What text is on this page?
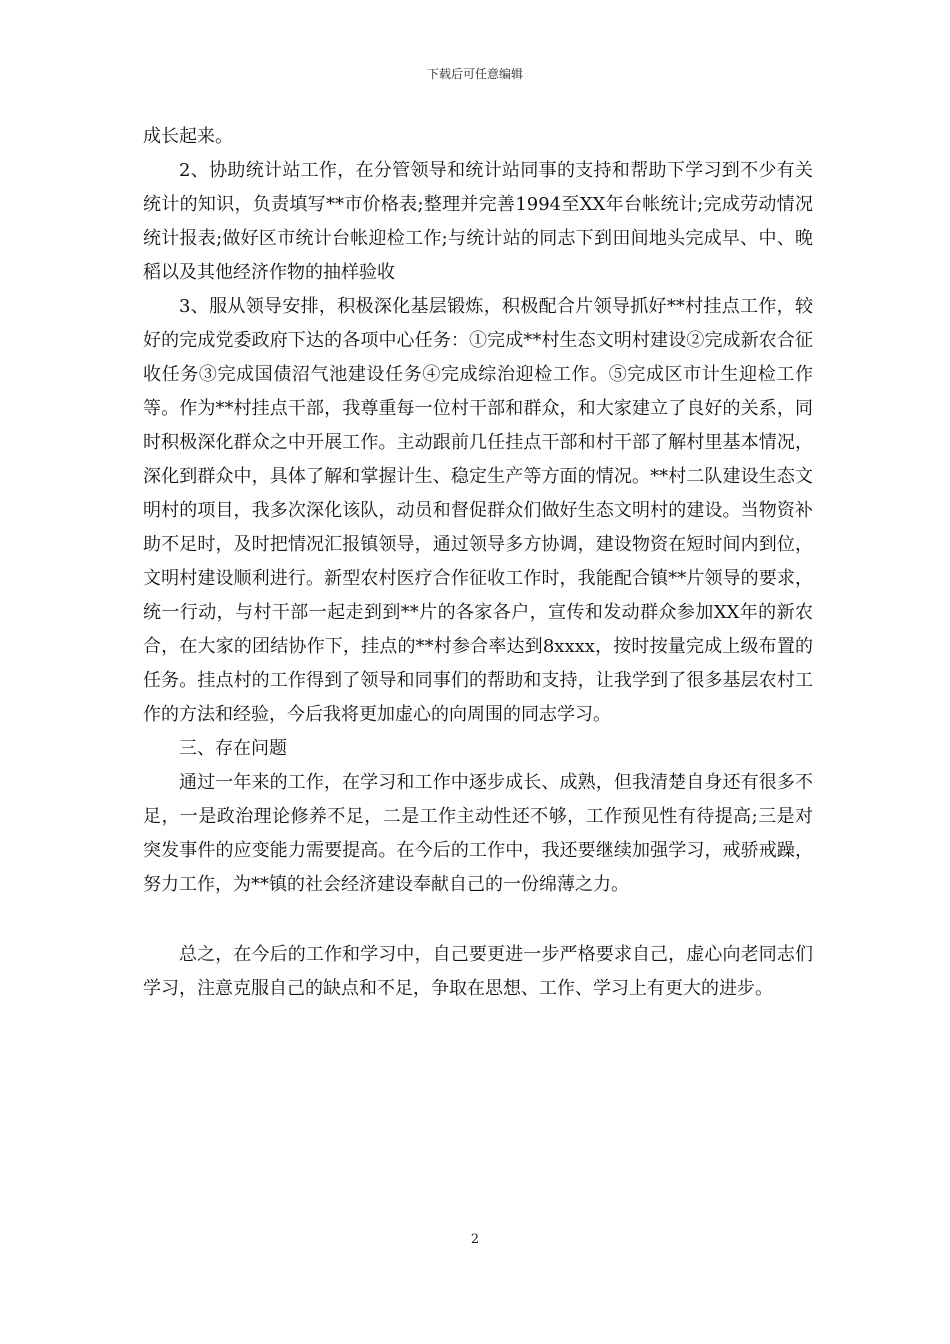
下载后可任意编辑

成长起来。

2、协助统计站工作，在分管领导和统计站同事的支持和帮助下学习到不少有关统计的知识，负责填写**市价格表;整理并完善1994至XX年台帐统计;完成劳动情况统计报表;做好区市统计台帐迎检工作;与统计站的同志下到田间地头完成早、中、晚稻以及其他经济作物的抽样验收

3、服从领导安排，积极深化基层锻炼，积极配合片领导抓好**村挂点工作，较好的完成党委政府下达的各项中心任务：①完成**村生态文明村建设②完成新农合征收任务③完成国债沼气池建设任务④完成综治迎检工作。⑤完成区市计生迎检工作等。作为**村挂点干部，我尊重每一位村干部和群众，和大家建立了良好的关系，同时积极深化群众之中开展工作。主动跟前几任挂点干部和村干部了解村里基本情况，深化到群众中，具体了解和掌握计生、稳定生产等方面的情况。**村二队建设生态文明村的项目，我多次深化该队，动员和督促群众们做好生态文明村的建设。当物资补助不足时，及时把情况汇报镇领导，通过领导多方协调，建设物资在短时间内到位，文明村建设顺利进行。新型农村医疗合作征收工作时，我能配合镇**片领导的要求，统一行动，与村干部一起走到到**片的各家各户，宣传和发动群众参加XX年的新农合，在大家的团结协作下，挂点的**村参合率达到8xxxx，按时按量完成上级布置的任务。挂点村的工作得到了领导和同事们的帮助和支持，让我学到了很多基层农村工作的方法和经验，今后我将更加虚心的向周围的同志学习。

三、存在问题

通过一年来的工作，在学习和工作中逐步成长、成熟，但我清楚自身还有很多不足，一是政治理论修养不足，二是工作主动性还不够，工作预见性有待提高;三是对突发事件的应变能力需要提高。在今后的工作中，我还要继续加强学习，戒骄戒躁，努力工作，为**镇的社会经济建设奉献自己的一份绵薄之力。

总之，在今后的工作和学习中，自己要更进一步严格要求自己，虚心向老同志们学习，注意克服自己的缺点和不足，争取在思想、工作、学习上有更大的进步。

2
